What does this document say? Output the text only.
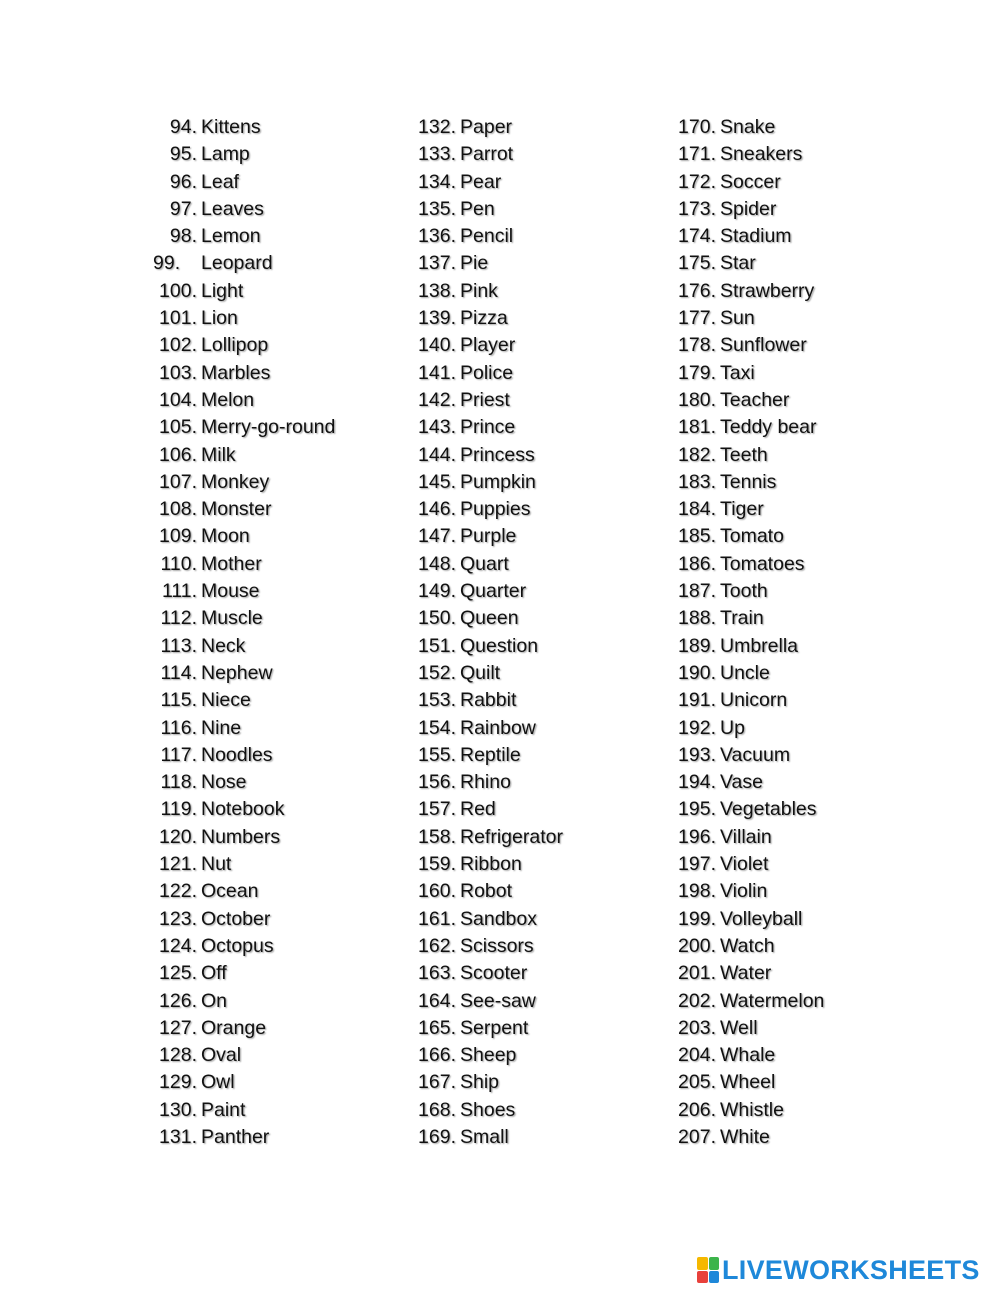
94. Kittens
95. Lamp
96. Leaf
97. Leaves
98. Lemon
99. Leopard
100. Light
101. Lion
102. Lollipop
103. Marbles
104. Melon
105. Merry-go-round
106. Milk
107. Monkey
108. Monster
109. Moon
110. Mother
111. Mouse
112. Muscle
113. Neck
114. Nephew
115. Niece
116. Nine
117. Noodles
118. Nose
119. Notebook
120. Numbers
121. Nut
122. Ocean
123. October
124. Octopus
125. Off
126. On
127. Orange
128. Oval
129. Owl
130. Paint
131. Panther
132. Paper
133. Parrot
134. Pear
135. Pen
136. Pencil
137. Pie
138. Pink
139. Pizza
140. Player
141. Police
142. Priest
143. Prince
144. Princess
145. Pumpkin
146. Puppies
147. Purple
148. Quart
149. Quarter
150. Queen
151. Question
152. Quilt
153. Rabbit
154. Rainbow
155. Reptile
156. Rhino
157. Red
158. Refrigerator
159. Ribbon
160. Robot
161. Sandbox
162. Scissors
163. Scooter
164. See-saw
165. Serpent
166. Sheep
167. Ship
168. Shoes
169. Small
170. Snake
171. Sneakers
172. Soccer
173. Spider
174. Stadium
175. Star
176. Strawberry
177. Sun
178. Sunflower
179. Taxi
180. Teacher
181. Teddy bear
182. Teeth
183. Tennis
184. Tiger
185. Tomato
186. Tomatoes
187. Tooth
188. Train
189. Umbrella
190. Uncle
191. Unicorn
192. Up
193. Vacuum
194. Vase
195. Vegetables
196. Villain
197. Violet
198. Violin
199. Volleyball
200. Watch
201. Water
202. Watermelon
203. Well
204. Whale
205. Wheel
206. Whistle
207. White
LIVEWORKSHEETS
